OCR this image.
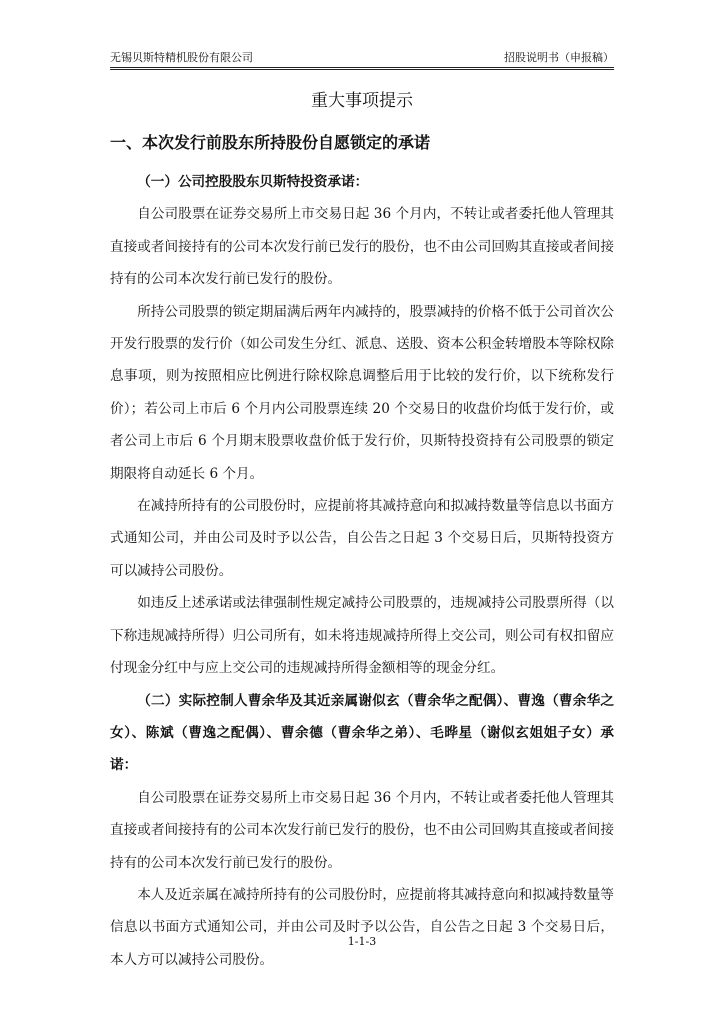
无锡贝斯特精机股份有限公司	招股说明书（申报稿）
重大事项提示
一、本次发行前股东所持股份自愿锁定的承诺

（一）公司控股股东贝斯特投资承诺：

自公司股票在证券交易所上市交易日起 36 个月内，不转让或者委托他人管理其直接或者间接持有的公司本次发行前已发行的股份，也不由公司回购其直接或者间接持有的公司本次发行前已发行的股份。

所持公司股票的锁定期届满后两年内减持的，股票减持的价格不低于公司首次公开发行股票的发行价（如公司发生分红、派息、送股、资本公积金转增股本等除权除息事项，则为按照相应比例进行除权除息调整后用于比较的发行价，以下统称发行价）；若公司上市后 6 个月内公司股票连续 20 个交易日的收盘价均低于发行价，或者公司上市后 6 个月期末股票收盘价低于发行价，贝斯特投资持有公司股票的锁定期限将自动延长 6 个月。

在减持所持有的公司股份时，应提前将其减持意向和拟减持数量等信息以书面方式通知公司，并由公司及时予以公告，自公告之日起 3 个交易日后，贝斯特投资方可以减持公司股份。

如违反上述承诺或法律强制性规定减持公司股票的，违规减持公司股票所得（以下称违规减持所得）归公司所有，如未将违规减持所得上交公司，则公司有权扣留应付现金分红中与应上交公司的违规减持所得金额相等的现金分红。

（二）实际控制人曹余华及其近亲属谢似玄（曹余华之配偶）、曹逸（曹余华之女）、陈斌（曹逸之配偶）、曹余德（曹余华之弟）、毛晔星（谢似玄姐姐子女）承诺：

自公司股票在证券交易所上市交易日起 36 个月内，不转让或者委托他人管理其直接或者间接持有的公司本次发行前已发行的股份，也不由公司回购其直接或者间接持有的公司本次发行前已发行的股份。

本人及近亲属在减持所持有的公司股份时，应提前将其减持意向和拟减持数量等信息以书面方式通知公司，并由公司及时予以公告，自公告之日起 3 个交易日后，本人方可以减持公司股份。

1-1-3
